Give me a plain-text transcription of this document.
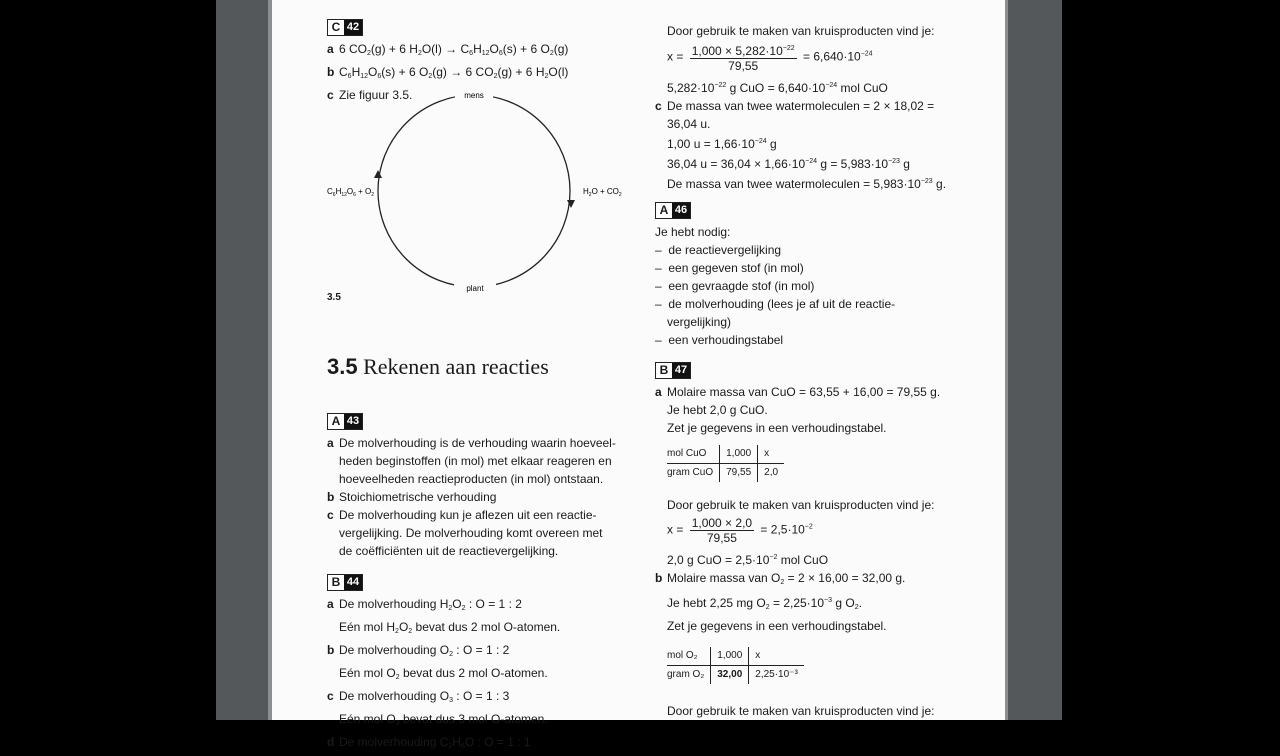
C 42
a 6 $CO_2(g) + 6$ $H_2O(l) \to C_6H_{12}O_6(s) + 6$ $O_2(g)$
b $C_6H_{12}O_6(s) + 6$ $O_2(g) \to 6$ $CO_2(g) + 6$ $H_2O(l)$
c Zie figuur 3.5.	mens
plant
$C_6H_{12}O_6 + O_2$	$H_2O + CO_2$
3.5
3.5 Rekenen aan reacties
A 43
a De molverhouding is de verhouding waarin hoeveel-
heden beginstoffen (in mol) met elkaar reageren en
hoeveelheden reactieproducten (in mol) ontstaan.
b Stoichiometrische verhouding
c De molverhouding kun je aflezen uit een reactie-
vergelijking. De molverhouding komt overeen met
de coëfficiënten uit de reactievergelijking.
B 44
a De molverhouding $H_2O_2$ : O = 1 : 2
Eén mol $H_2O_2$ bevat dus 2 mol O-atomen.
b De molverhouding $O_2$ : O = 1 : 2
Eén mol $O_2$ bevat dus 2 mol O-atomen.
c De molverhouding $O_3$ : O = 1 : 3
Eén mol $O_3$ bevat dus 3 mol O-atomen.
d De molverhouding $C_2H_6O$ : O = 1 : 1
Door gebruik te maken van kruisproducten vind je:
$x = \frac{1,000 \times 5,282\cdot 10^{-22}}{79,55} = 6,640\cdot 10^{-24}$
$5,282\cdot 10^{-22}$ g CuO = $6,640\cdot 10^{-24}$ mol CuO
c De massa van twee watermoleculen = 2 × 18,02 =
36,04 u.
1,00 $u = 1,66\cdot 10^{-24}$ g
36,04 $u = 36,04 \times 1,66\cdot 10^{-24}$ $g = 5,983\cdot 10^{-23}$ g
De massa van twee watermoleculen = $5,983\cdot 10^{-23}$ g.
A 46
Je hebt nodig:
–  de reactievergelijking
–  een gegeven stof (in mol)
–  een gevraagde stof (in mol)
–  de molverhouding (lees je af uit de reactie-
vergelijking)
–  een verhoudingstabel
B 47
a Molaire massa van CuO = 63,55 + 16,00 = 79,55 g.
Je hebt 2,0 g CuO.
Zet je gegevens in een verhoudingstabel.
mol CuO	1,000	x
gram CuO	79,55	2,0
Door gebruik te maken van kruisproducten vind je:
$x = \frac{1,000 \times 2,0}{79,55} = 2,5\cdot 10^{-2}$
2,0 g CuO = $2,5\cdot 10^{-2}$ mol CuO
b Molaire massa van $O_2 = 2 \times 16,00 = 32,00$ g.
Je hebt 2,25 mg $O_2 = 2,25\cdot 10^{-3}$ g $O_2$.
Zet je gegevens in een verhoudingstabel.
mol O₂	1,000	x
gram O₂	32,00	2,25·10⁻³
Door gebruik te maken van kruisproducten vind je:
